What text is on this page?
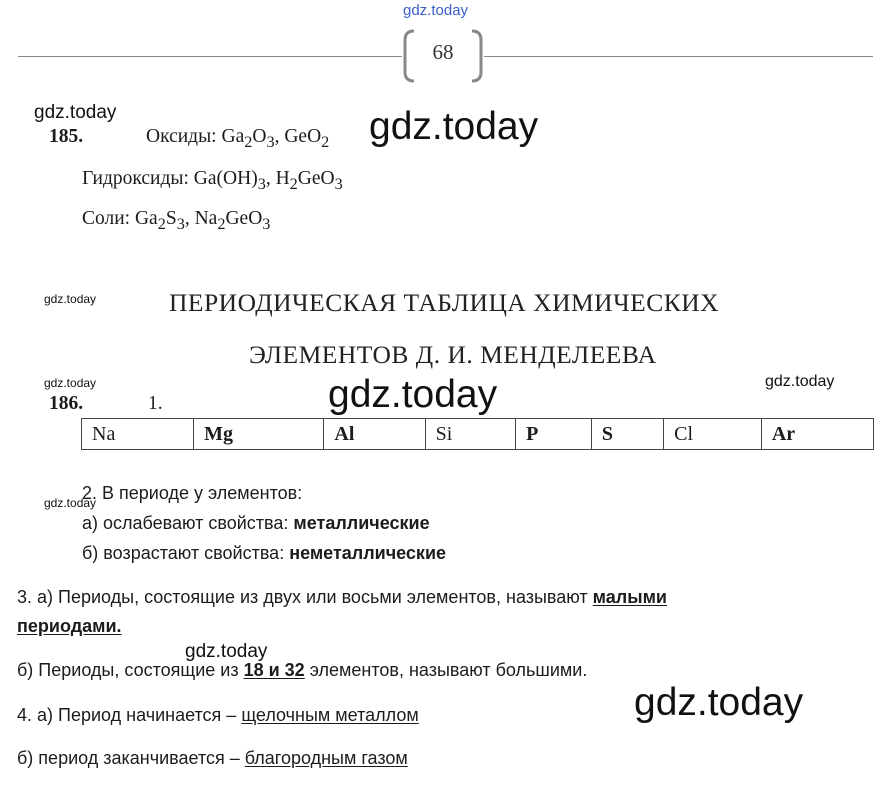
gdz.today
68
gdz.today	gdz.today
gdz.today
gdz.today	gdz.today	gdz.today
gdz.today
gdz.today
gdz.today
185.	Оксиды: $Ga_2O_3$, GeO$_2$
Гидроксиды: $Ga(OH)_3$, $H_2GeO_3$
Соли: $Ga_2S_3$, $Na_2GeO_3$
ПЕРИОДИЧЕСКАЯ ТАБЛИЦА ХИМИЧЕСКИХ
ЭЛЕМЕНТОВ Д. И. МЕНДЕЛЕЕВА
186.	1.
Na	Mg	Al	Si	P	S	Cl	Ar
2. В периоде у элементов:
а) ослабевают свойства: металлические
б) возрастают свойства: неметаллические
3. а) Периоды, состоящие из двух или восьми элементов, называют малыми
периодами.
б) Периоды, состоящие из 18 и 32 элементов, называют большими.
4. а) Период начинается – щелочным металлом
б) период заканчивается – благородным газом
